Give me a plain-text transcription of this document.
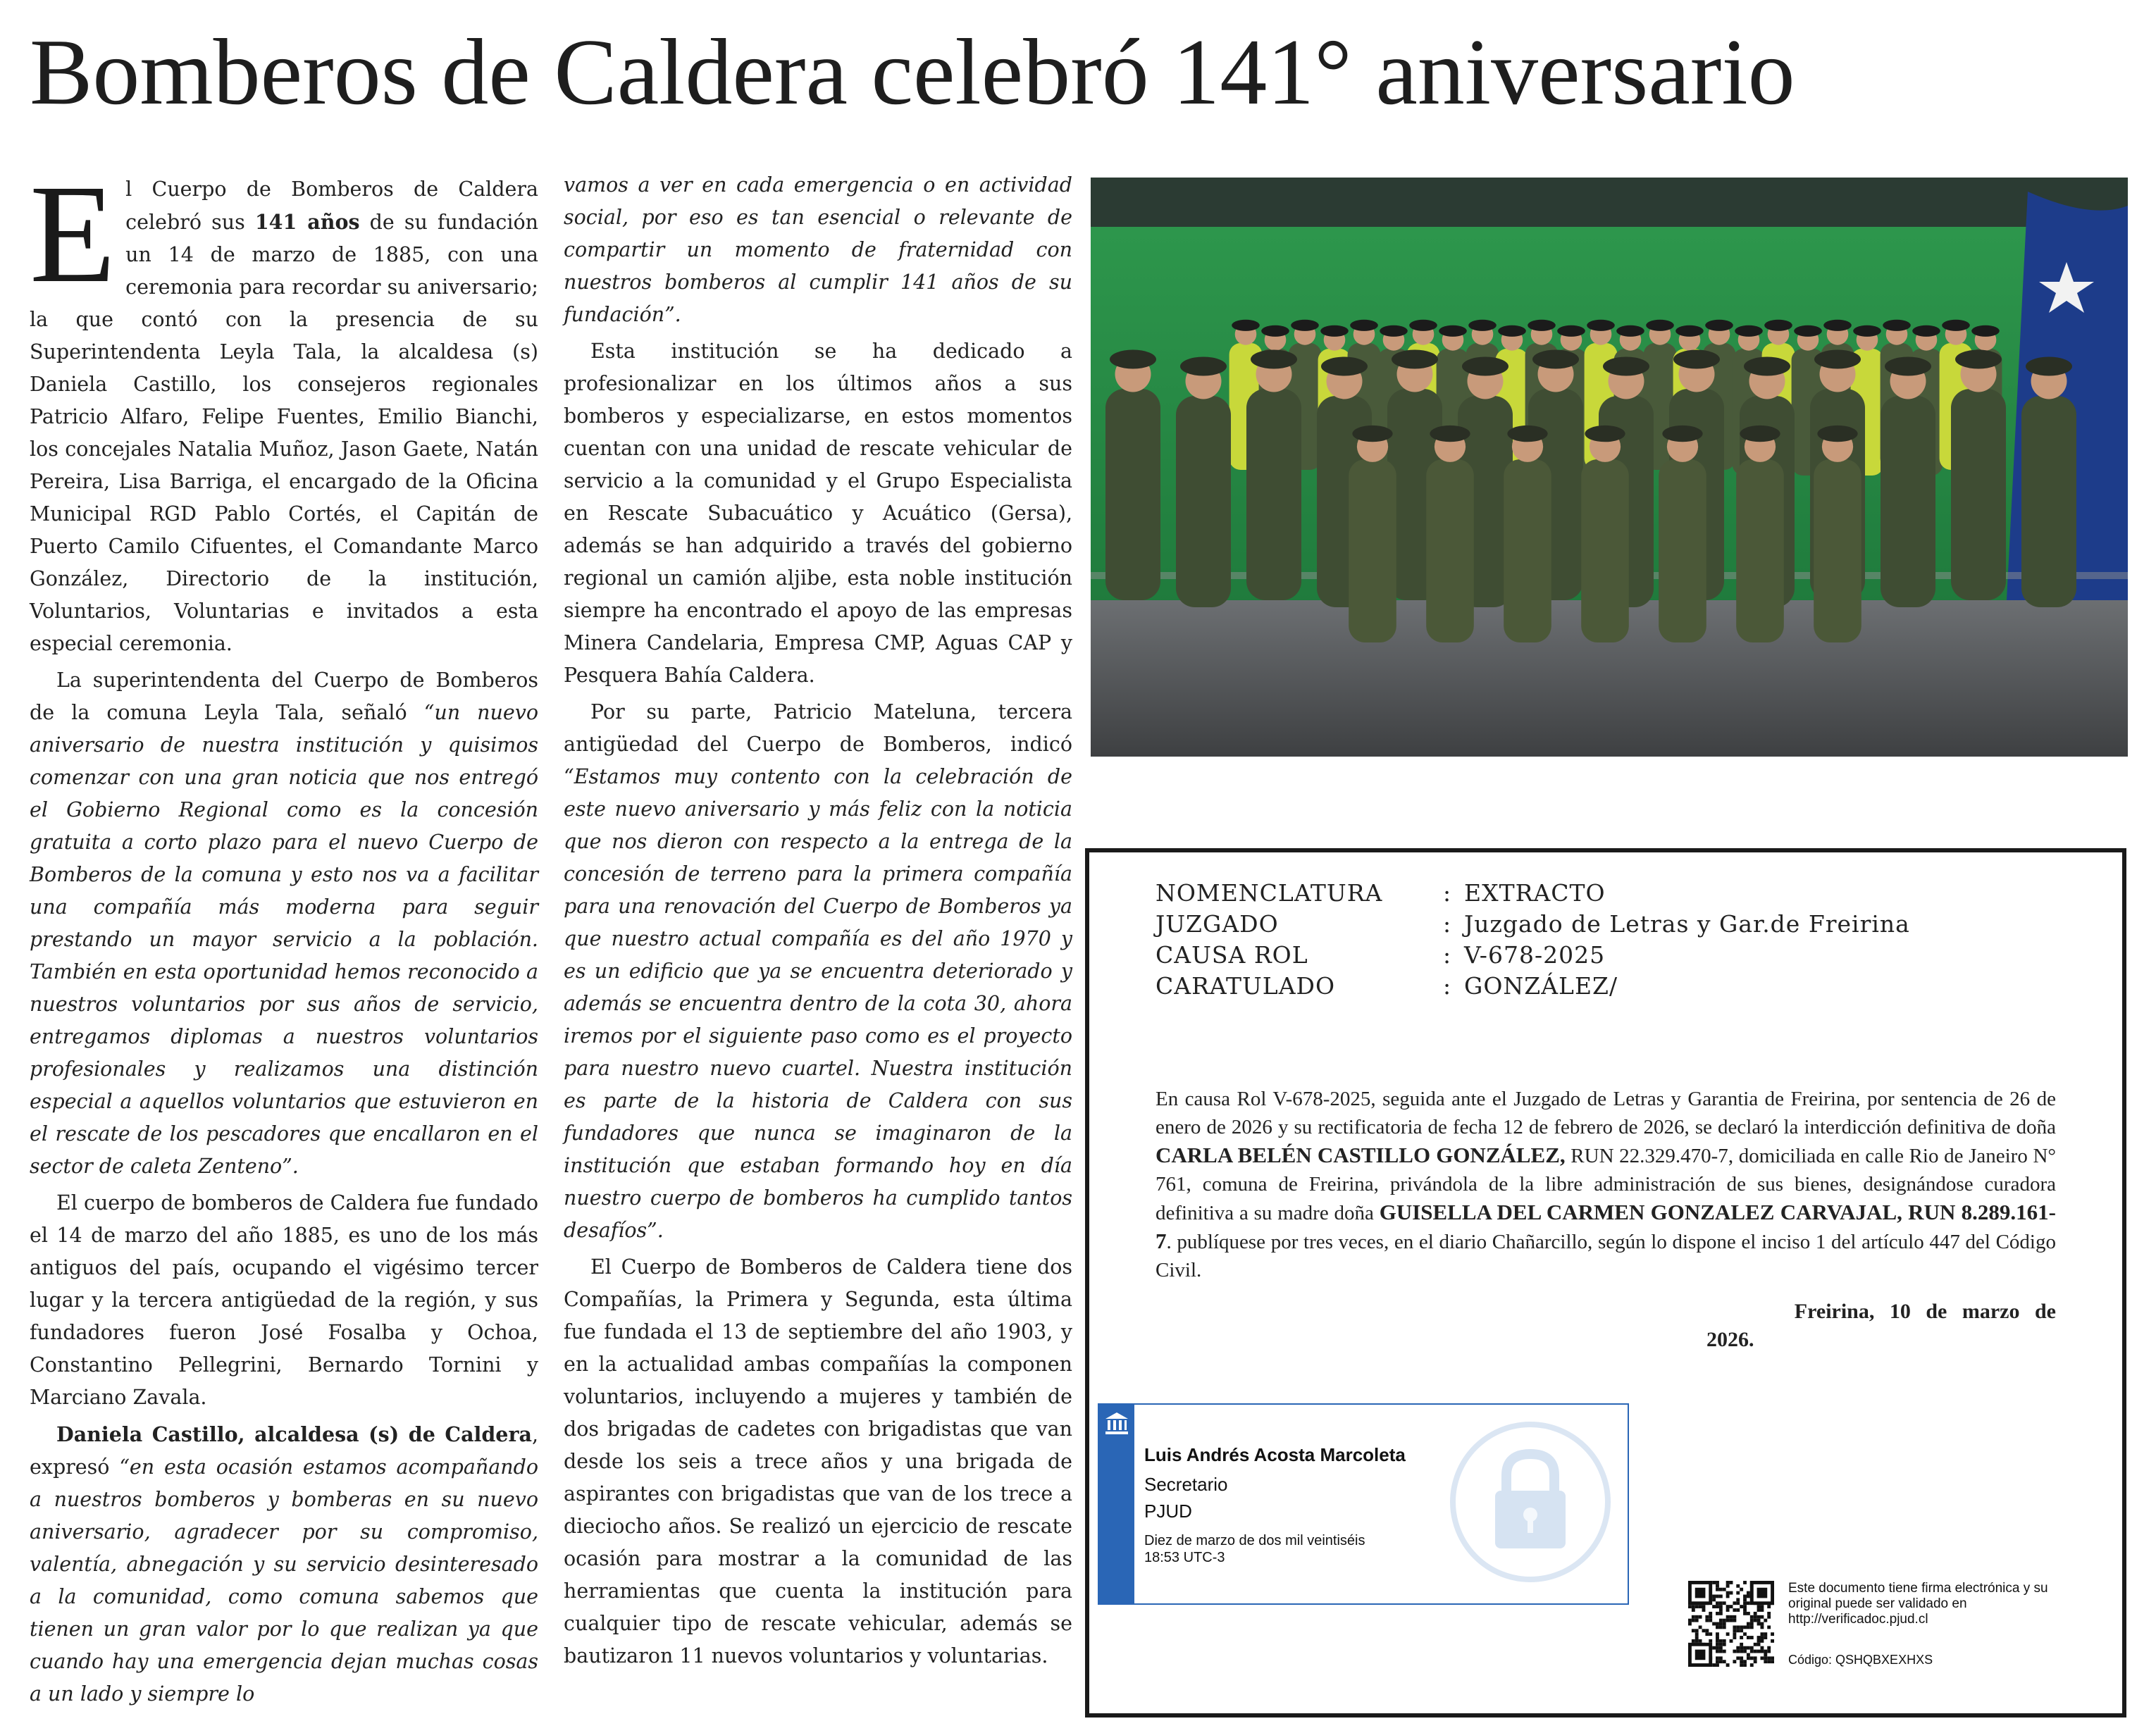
Bomberos de Caldera celebró 141° aniversario

El Cuerpo de Bomberos de Caldera celebró sus 141 años de su fundación un 14 de marzo de 1885, con una ceremonia para recordar su aniversario; la que contó con la presencia de su Superintendenta Leyla Tala, la alcaldesa (s) Daniela Castillo, los consejeros regionales Patricio Alfaro, Felipe Fuentes, Emilio Bianchi, los concejales Natalia Muñoz, Jason Gaete, Natán Pereira, Lisa Barriga, el encargado de la Oficina Municipal RGD Pablo Cortés, el Capitán de Puerto Camilo Cifuentes, el Comandante Marco González, Directorio de la institución, Voluntarios, Voluntarias e invitados a esta especial ceremonia.

La superintendenta del Cuerpo de Bomberos de la comuna Leyla Tala, señaló “un nuevo aniversario de nuestra institución y quisimos comenzar con una gran noticia que nos entregó el Gobierno Regional como es la concesión gratuita a corto plazo para el nuevo Cuerpo de Bomberos de la comuna y esto nos va a facilitar una compañía más moderna para seguir prestando un mayor servicio a la población. También en esta oportunidad hemos reconocido a nuestros voluntarios por sus años de servicio, entregamos diplomas a nuestros voluntarios profesionales y realizamos una distinción especial a aquellos voluntarios que estuvieron en el rescate de los pescadores que encallaron en el sector de caleta Zenteno”.

El cuerpo de bomberos de Caldera fue fundado el 14 de marzo del año 1885, es uno de los más antiguos del país, ocupando el vigésimo tercer lugar y la tercera antigüedad de la región, y sus fundadores fueron José Fosalba y Ochoa, Constantino Pellegrini, Bernardo Tornini y Marciano Zavala.

Daniela Castillo, alcaldesa (s) de Caldera, expresó “en esta ocasión estamos acompañando a nuestros bomberos y bomberas en su nuevo aniversario, agradecer por su compromiso, valentía, abnegación y su servicio desinteresado a la comunidad, como comuna sabemos que tienen un gran valor por lo que realizan ya que cuando hay una emergencia dejan muchas cosas a un lado y siempre lo

vamos a ver en cada emergencia o en actividad social, por eso es tan esencial o relevante de compartir un momento de fraternidad con nuestros bomberos al cumplir 141 años de su fundación”.

Esta institución se ha dedicado a profesionalizar en los últimos años a sus bomberos y especializarse, en estos momentos cuentan con una unidad de rescate vehicular de servicio a la comunidad y el Grupo Especialista en Rescate Subacuático y Acuático (Gersa), además se han adquirido a través del gobierno regional un camión aljibe, esta noble institución siempre ha encontrado el apoyo de las empresas Minera Candelaria, Empresa CMP, Aguas CAP y Pesquera Bahía Caldera.

Por su parte, Patricio Mateluna, tercera antigüedad del Cuerpo de Bomberos, indicó “Estamos muy contento con la celebración de este nuevo aniversario y más feliz con la noticia que nos dieron con respecto a la entrega de la concesión de terreno para la primera compañía para una renovación del Cuerpo de Bomberos ya que nuestro actual compañía es del año 1970 y es un edificio que ya se encuentra deteriorado y además se encuentra dentro de la cota 30, ahora iremos por el siguiente paso como es el proyecto para nuestro nuevo cuartel. Nuestra institución es parte de la historia de Caldera con sus fundadores que nunca se imaginaron de la institución que estaban formando hoy en día nuestro cuerpo de bomberos ha cumplido tantos desafíos”.

El Cuerpo de Bomberos de Caldera tiene dos Compañías, la Primera y Segunda, esta última fue fundada el 13 de septiembre del año 1903, y en la actualidad ambas compañías la componen voluntarios, incluyendo a mujeres y también de dos brigadas de cadetes con brigadistas que van desde los seis a trece años y una brigada de aspirantes con brigadistas que van de los trece a dieciocho años. Se realizó un ejercicio de rescate ocasión para mostrar a la comunidad de las herramientas que cuenta la institución para cualquier tipo de rescate vehicular, además se bautizaron 11 nuevos voluntarios y voluntarias.

NOMENCLATURA	: EXTRACTO
JUZGADO	: Juzgado de Letras y Gar.de Freirina
CAUSA ROL	: V-678-2025
CARATULADO	: GONZÁLEZ/
En causa Rol V-678-2025, seguida ante el Juzgado de Letras y Garantia de Freirina, por sentencia de 26 de enero de 2026 y su rectificatoria de fecha 12 de febrero de 2026, se declaró la interdicción definitiva de doña CARLA BELÉN CASTILLO GONZÁLEZ, RUN 22.329.470-7, domiciliada en calle Rio de Janeiro N° 761, comuna de Freirina, privándola de la libre administración de sus bienes, designándose curadora definitiva a su madre doña GUISELLA DEL CARMEN GONZALEZ CARVAJAL, RUN 8.289.161-7. publíquese por tres veces, en el diario Chañarcillo, según lo dispone el inciso 1 del artículo 447 del Código Civil.
Freirina, 10 de marzo de
2026.
Luis Andrés Acosta Marcoleta
Secretario
PJUD
Diez de marzo de dos mil veintiséis
18:53 UTC-3
Este documento tiene firma electrónica y su original puede ser validado en http://verificadoc.pjud.cl
Código: QSHQBXEXHXS
